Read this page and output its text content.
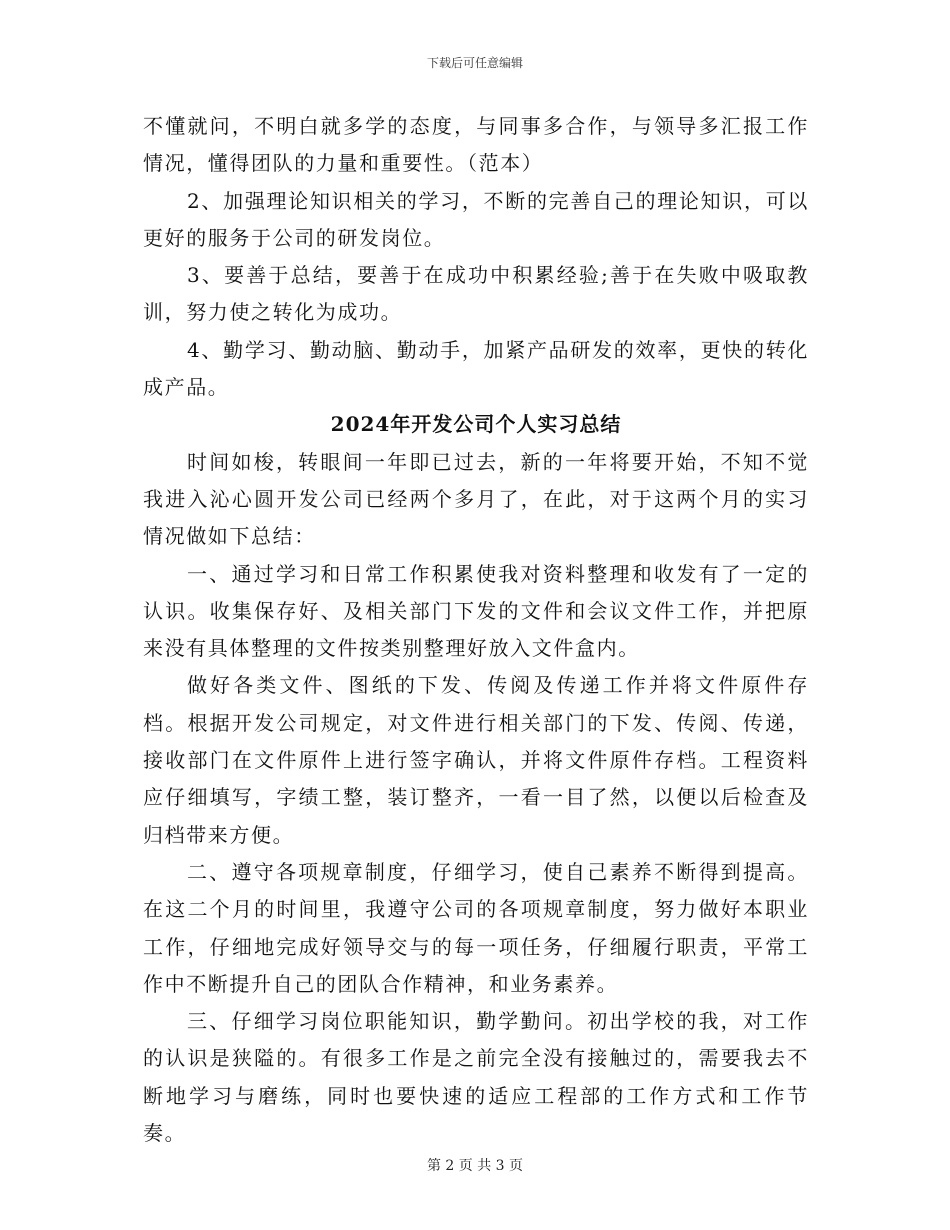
下载后可任意编辑

不懂就问，不明白就多学的态度，与同事多合作，与领导多汇报工作情况，懂得团队的力量和重要性。（范本）

2、加强理论知识相关的学习，不断的完善自己的理论知识，可以更好的服务于公司的研发岗位。

3、要善于总结，要善于在成功中积累经验;善于在失败中吸取教训，努力使之转化为成功。

4、勤学习、勤动脑、勤动手，加紧产品研发的效率，更快的转化成产品。

2024年开发公司个人实习总结

时间如梭，转眼间一年即已过去，新的一年将要开始，不知不觉我进入沁心圆开发公司已经两个多月了，在此，对于这两个月的实习情况做如下总结：

一、通过学习和日常工作积累使我对资料整理和收发有了一定的认识。收集保存好、及相关部门下发的文件和会议文件工作，并把原来没有具体整理的文件按类别整理好放入文件盒内。

做好各类文件、图纸的下发、传阅及传递工作并将文件原件存档。根据开发公司规定，对文件进行相关部门的下发、传阅、传递，接收部门在文件原件上进行签字确认，并将文件原件存档。工程资料应仔细填写，字绩工整，装订整齐，一看一目了然，以便以后检查及归档带来方便。

二、遵守各项规章制度，仔细学习，使自己素养不断得到提高。在这二个月的时间里，我遵守公司的各项规章制度，努力做好本职业工作，仔细地完成好领导交与的每一项任务，仔细履行职责，平常工作中不断提升自己的团队合作精神，和业务素养。

三、仔细学习岗位职能知识，勤学勤问。初出学校的我，对工作的认识是狭隘的。有很多工作是之前完全没有接触过的，需要我去不断地学习与磨练，同时也要快速的适应工程部的工作方式和工作节奏。

第 2 页 共 3 页
